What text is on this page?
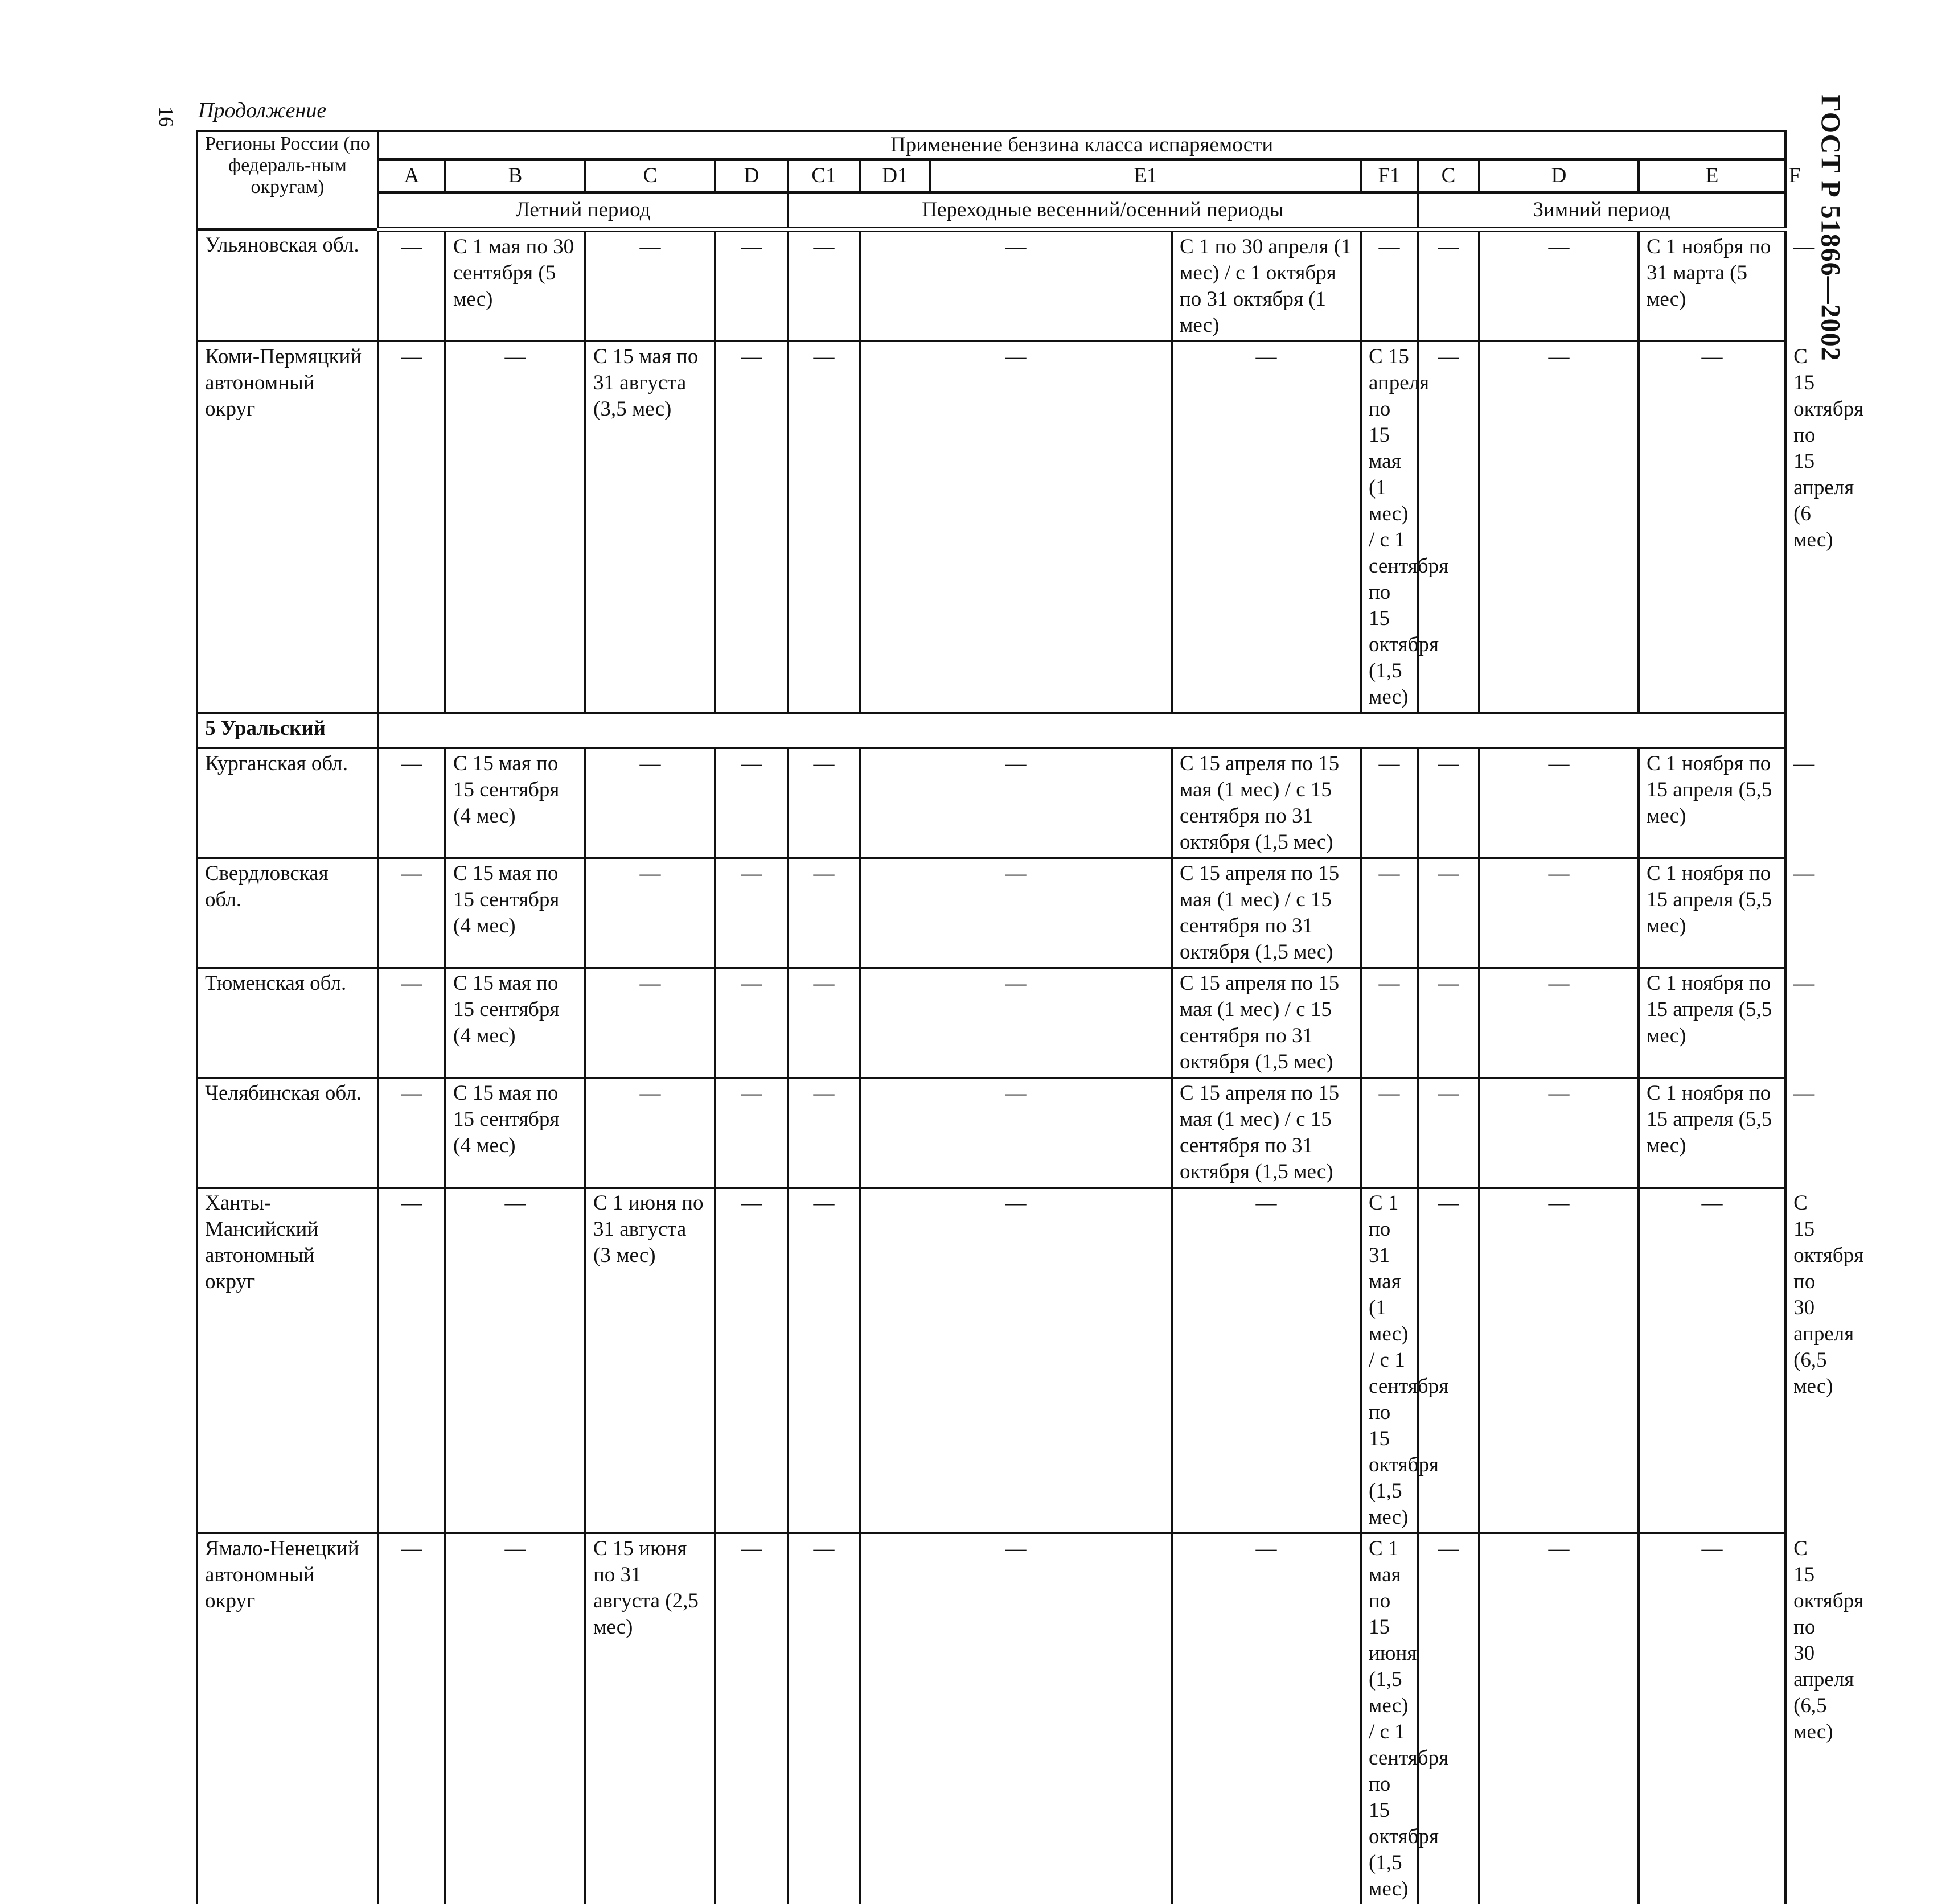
16 Продолжение	ГОСТ Р 51866—2002
Регионы России (по федераль-ным округам)	Применение бензина класса испаряемости												
	А	В	С	D	C1	D1	E1		F1	C	D	E	F
	Летний период				Переходные весенний/осенний периоды					Зимний период			
Ульяновская обл.	—	С 1 мая по 30 сентября (5 мес)	—	—	—	—		С 1 по 30 апреля (1 мес) / с 1 октября по 31 октября (1 мес)	—	—	—	С 1 ноября по 31 марта (5 мес)	—
Коми-Пермяцкий автономный округ	—	—	С 15 мая по 31 августа (3,5 мес)	—	—	—		—	С 15 апреля по 15 мая (1 мес) / с 1 сентября по 15 октября (1,5 мес)	—	—	—	С 15 октября по 15 апреля (6 мес)
5 Уральский													
Курганская обл.	—	С 15 мая по 15 сентября (4 мес)	—	—	—	—		С 15 апреля по 15 мая (1 мес) / с 15 сентября по 31 октября (1,5 мес)	—	—	—	С 1 ноября по 15 апреля (5,5 мес)	—
Свердловская обл.	—	С 15 мая по 15 сентября (4 мес)	—	—	—	—		С 15 апреля по 15 мая (1 мес) / с 15 сентября по 31 октября (1,5 мес)	—	—	—	С 1 ноября по 15 апреля (5,5 мес)	—
Тюменская обл.	—	С 15 мая по 15 сентября (4 мес)	—	—	—	—		С 15 апреля по 15 мая (1 мес) / с 15 сентября по 31 октября (1,5 мес)	—	—	—	С 1 ноября по 15 апреля (5,5 мес)	—
Челябинская обл.	—	С 15 мая по 15 сентября (4 мес)	—	—	—	—		С 15 апреля по 15 мая (1 мес) / с 15 сентября по 31 октября (1,5 мес)	—	—	—	С 1 ноября по 15 апреля (5,5 мес)	—
Ханты-Мансийский автономный округ	—	—	С 1 июня по 31 августа (3 мес)	—	—	—		—	С 1 по 31 мая (1 мес) / с 1 сентября по 15 октября (1,5 мес)	—	—	—	С 15 октября по 30 апреля (6,5 мес)
Ямало-Ненецкий автономный округ	—	—	С 15 июня по 31 августа (2,5 мес)	—	—	—		—	С 1 мая по 15 июня (1,5 мес) / с 1 сентября по 15 октября (1,5 мес)	—	—	—	С 15 октября по 30 апреля (6,5 мес)
